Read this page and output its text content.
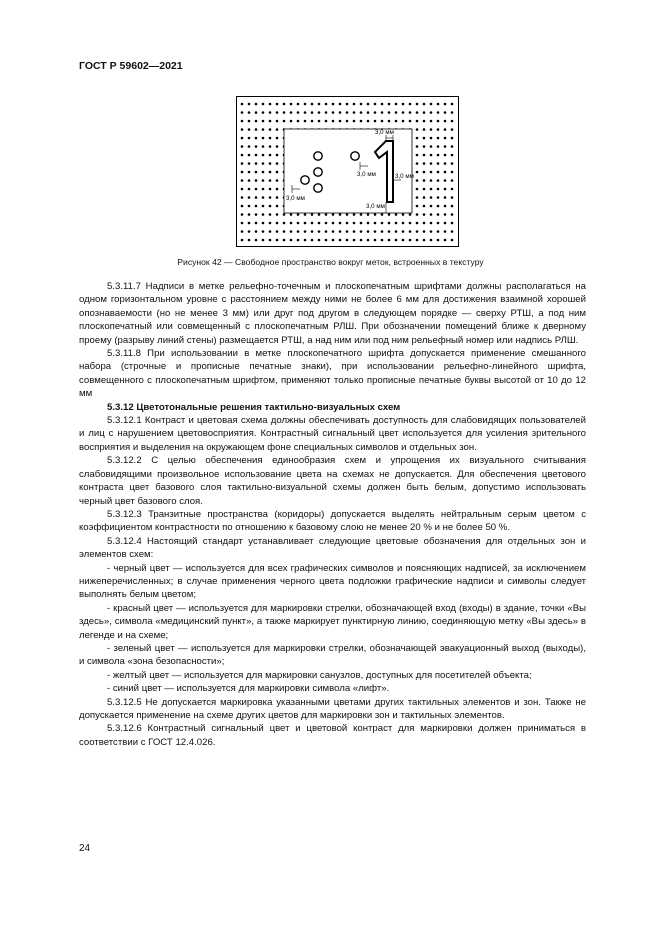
ГОСТ Р 59602—2021
3,0 мм
3,0 мм
3,0 мм
3,0 мм
3,0 мм
Рисунок 42 — Свободное пространство вокруг меток, встроенных в текстуру

5.3.11.7 Надписи в метке рельефно-точечным и плоскопечатным шрифтами должны располагаться на одном горизонтальном уровне с расстоянием между ними не более 6 мм для достижения взаимной хорошей опознаваемости (но не менее 3 мм) или друг под другом в следующем порядке — сверху РТШ, а под ним плоскопечатный или совмещенный с плоскопечатным РЛШ. При обозначении помещений ближе к дверному проему (разрыву линий стены) размещается РТШ, а над ним или под ним рельефный номер или надпись РЛШ.

5.3.11.8 При использовании в метке плоскопечатного шрифта допускается применение смешанного набора (строчные и прописные печатные знаки), при использовании рельефно-линейного шрифта, совмещенного с плоскопечатным шрифтом, применяют только прописные печатные буквы высотой от 10 до 12 мм

5.3.12 Цветотональные решения тактильно-визуальных схем

5.3.12.1 Контраст и цветовая схема должны обеспечивать доступность для слабовидящих пользователей и лиц с нарушением цветовосприятия. Контрастный сигнальный цвет используется для усиления зрительного восприятия и выделения на окружающем фоне специальных символов и отдельных зон.

5.3.12.2 С целью обеспечения единообразия схем и упрощения их визуального считывания слабовидящими произвольное использование цвета на схемах не допускается. Для обеспечения цветового контраста цвет базового слоя тактильно-визуальной схемы должен быть белым, допустимо использовать черный цвет базового слоя.

5.3.12.3 Транзитные пространства (коридоры) допускается выделять нейтральным серым цветом с коэффициентом контрастности по отношению к базовому слою не менее 20 % и не более 50 %.

5.3.12.4 Настоящий стандарт устанавливает следующие цветовые обозначения для отдельных зон и элементов схем:

- черный цвет — используется для всех графических символов и поясняющих надписей, за исключением нижеперечисленных; в случае применения черного цвета подложки графические надписи и символы следует выполнять белым цветом;

- красный цвет — используется для маркировки стрелки, обозначающей вход (входы) в здание, точки «Вы здесь», символа «медицинский пункт», а также маркирует пунктирную линию, соединяющую метку «Вы здесь» в легенде и на схеме;

- зеленый цвет — используется для маркировки стрелки, обозначающей эвакуационный выход (выходы), и символа «зона безопасности»;

- желтый цвет — используется для маркировки санузлов, доступных для посетителей объекта;

- синий цвет — используется для маркировки символа «лифт».

5.3.12.5 Не допускается маркировка указанными цветами других тактильных элементов и зон. Также не допускается применение на схеме других цветов для маркировки зон и тактильных элементов.

5.3.12.6 Контрастный сигнальный цвет и цветовой контраст для маркировки должен приниматься в соответствии с ГОСТ 12.4.026.

24
